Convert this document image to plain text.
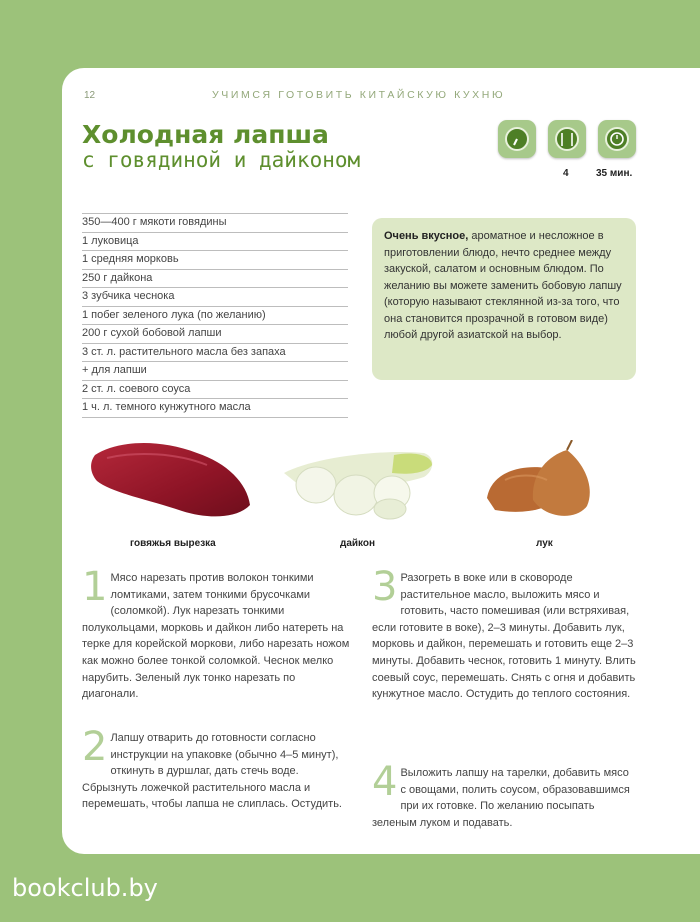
12	УЧИМСЯ ГОТОВИТЬ КИТАЙСКУЮ КУХНЮ
Холодная лапша
с говядиной и дайконом
4	35 мин.
350—400 г мякоти говядины
1 луковица
1 средняя морковь
250 г дайкона
3 зубчика чеснока
1 побег зеленого лука (по желанию)
200 г сухой бобовой лапши
3 ст. л. растительного масла без запаха
+ для лапши
2 ст. л. соевого соуса
1 ч. л. темного кунжутного масла
Очень вкусное, ароматное и несложное в приготовлении блюдо, нечто среднее между закуской, салатом и основным блюдом. По желанию вы можете заменить бобовую лапшу (которую называют стеклянной из-за того, что она становится прозрачной в готовом виде) любой другой азиатской на выбор.
говяжья вырезка	дайкон	лук
1 Мясо нарезать против волокон тонкими ломтиками, затем тонкими брусочками (соломкой). Лук нарезать тонкими полукольцами, морковь и дайкон либо натереть на терке для корейской моркови, либо нарезать ножом как можно более тонкой соломкой. Чеснок мелко нарубить. Зеленый лук тонко нарезать по диагонали.
2 Лапшу отварить до готовности согласно инструкции на упаковке (обычно 4–5 минут), откинуть в дуршлаг, дать стечь воде. Сбрызнуть ложечкой растительного масла и перемешать, чтобы лапша не слиплась. Остудить.
3 Разогреть в воке или в сковороде растительное масло, выложить мясо и готовить, часто помешивая (или встряхивая, если готовите в воке), 2–3 минуты. Добавить лук, морковь и дайкон, перемешать и готовить еще 2–3 минуты. Добавить чеснок, готовить 1 минуту. Влить соевый соус, перемешать. Снять с огня и добавить кунжутное масло. Остудить до теплого состояния.
4 Выложить лапшу на тарелки, добавить мясо с овощами, полить соусом, образовавшимся при их готовке. По желанию посыпать зеленым луком и подавать.
bookclub.by
